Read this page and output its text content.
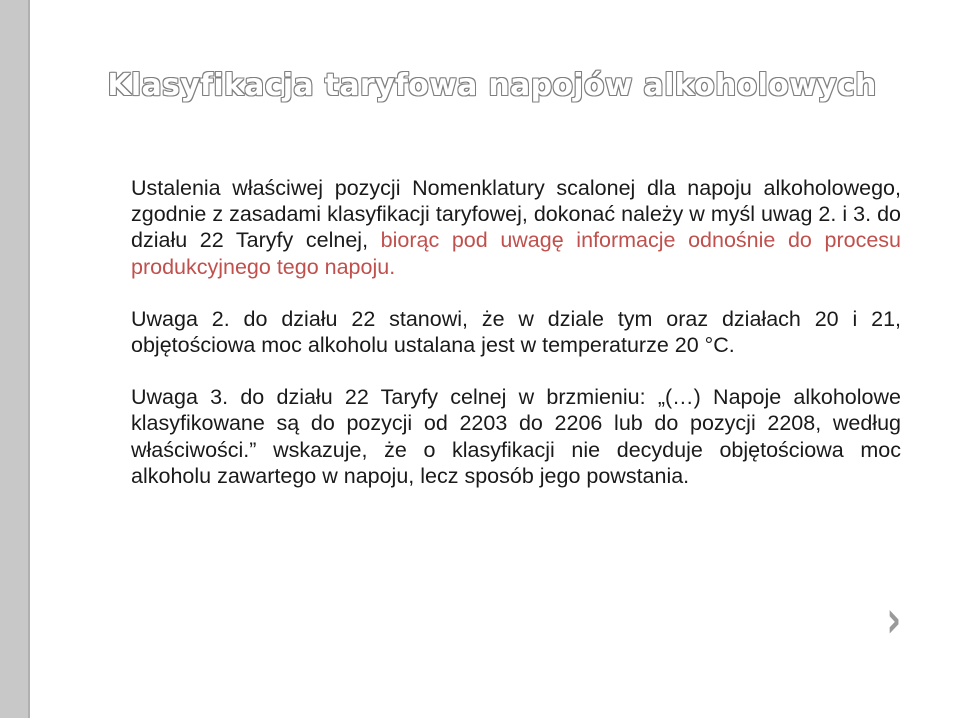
Klasyfikacja taryfowa napojów alkoholowych

Ustalenia właściwej pozycji Nomenklatury scalonej dla napoju alkoholowego, zgodnie z zasadami klasyfikacji taryfowej, dokonać należy w myśl uwag 2. i 3. do działu 22 Taryfy celnej, biorąc pod uwagę informacje odnośnie do procesu produkcyjnego tego napoju.

Uwaga 2. do działu 22 stanowi, że w dziale tym oraz działach 20 i 21, objętościowa moc alkoholu ustalana jest w temperaturze 20 °C.

Uwaga 3. do działu 22 Taryfy celnej w brzmieniu: „(…) Napoje alkoholowe klasyfikowane są do pozycji od 2203 do 2206 lub do pozycji 2208, według właściwości.” wskazuje, że o klasyfikacji nie decyduje objętościowa moc alkoholu zawartego w napoju, lecz sposób jego powstania.

›
